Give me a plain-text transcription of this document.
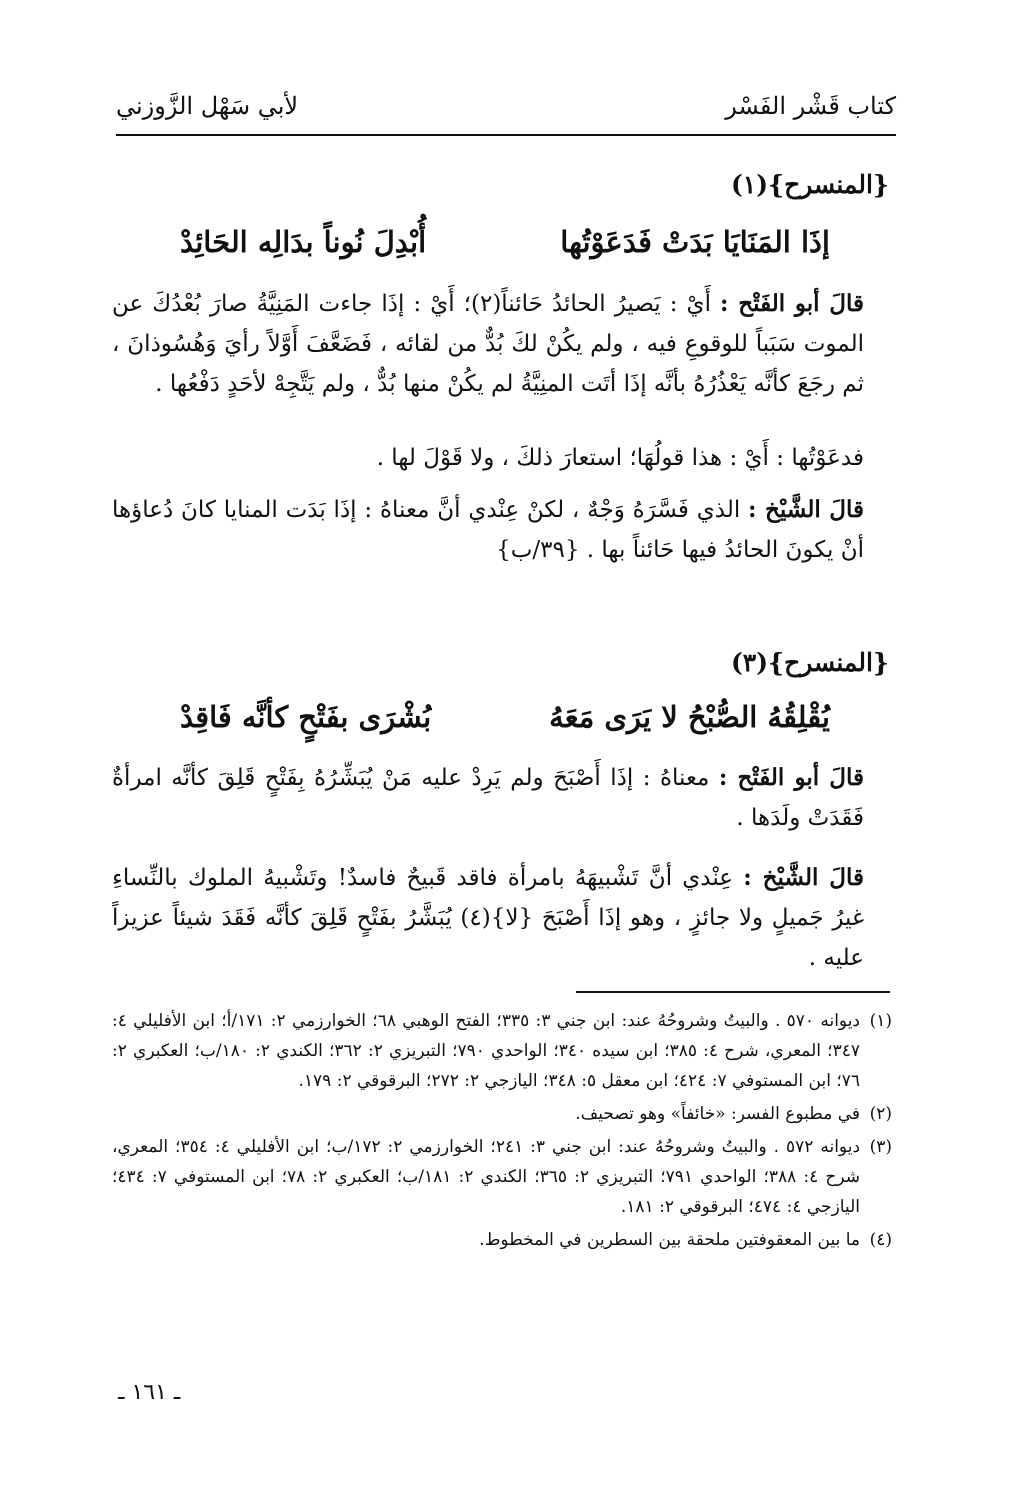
كتاب قَشْر الفَسْر
لأبي سَهْل الزَّوزني
{المنسرح}(١)
إذَا المَنَايَا بَدَتْ فَدَعَوْتُها
أُبْدِلَ نُوناً بدَالِه الحَائِدْ
قالَ أبو الفَتْح : أَيْ : يَصيرُ الحائدُ حَائناً(٢)؛ أَيْ : إذَا جاءت المَنِيَّةُ صارَ بُعْدُكَ عن الموت سَبَباً للوقوعِ فيه ، ولم يكُنْ لكَ بُدٌّ من لقائه ، فَضَعَّفَ أَوَّلاً رأيَ وَهُسُوذانَ ، ثم رجَعَ كأنَّه يَعْذُرُهُ بأنَّه إذَا أتَت المنِيَّةُ لم يكُنْ منها بُدٌّ ، ولم يَتَّجِهْ لأحَدٍ دَفْعُها .
فدعَوْتُها : أَيْ : هذا قولُهَا؛ استعارَ ذلكَ ، ولا قَوْلَ لها .
قالَ الشَّيْخ : الذي فَسَّرَهُ وَجْهٌ ، لكنْ عِنْدي أنَّ معناهُ : إذَا بَدَت المنايا كانَ دُعاؤها أنْ يكونَ الحائدُ فيها حَائناً بها . {٣٩/ب}
{المنسرح}(٣)
يُقْلِقُهُ الصُّبْحُ لا يَرَى مَعَهُ
بُشْرَى بفَتْحٍ كأنَّه فَاقِدْ
قالَ أبو الفَتْح : معناهُ : إذَا أَصْبَحَ ولم يَرِدْ عليه مَنْ يُبَشِّرُهُ بِفَتْحٍ قَلِقَ كأنَّه امرأةٌ فَقَدَتْ ولَدَها .
قالَ الشَّيْخ : عِنْدي أنَّ تَشْبيهَهُ بامرأة فاقد قَبيحٌ فاسدٌ! وتَشْبيهُ الملوك بالنِّساءِ غيرُ جَميلٍ ولا جائزٍ ، وهو إذَا أَصْبَحَ {لا}(٤) يُبَشَّرُ بفَتْحٍ قَلِقَ كأنَّه فَقَدَ شيئاً عزيزاً عليه .
(١)
ديوانه ٥٧٠ . والبيتُ وشروحُهُ عند: ابن جني ٣: ٣٣٥؛ الفتح الوهبي ٦٨؛ الخوارزمي ٢: ١٧١/أ؛ ابن الأفليلي ٤: ٣٤٧؛ المعري، شرح ٤: ٣٨٥؛ ابن سيده ٣٤٠؛ الواحدي ٧٩٠؛ التبريزي ٢: ٣٦٢؛ الكندي ٢: ١٨٠/ب؛ العكبري ٢: ٧٦؛ ابن المستوفي ٧: ٤٢٤؛ ابن معقل ٥: ٣٤٨؛ اليازجي ٢: ٢٧٢؛ البرقوقي ٢: ١٧٩.
(٢)
في مطبوع الفسر: «خائفاً» وهو تصحيف.
(٣)
ديوانه ٥٧٢ . والبيتُ وشروحُهُ عند: ابن جني ٣: ٢٤١؛ الخوارزمي ٢: ١٧٢/ب؛ ابن الأفليلي ٤: ٣٥٤؛ المعري، شرح ٤: ٣٨٨؛ الواحدي ٧٩١؛ التبريزي ٢: ٣٦٥؛ الكندي ٢: ١٨١/ب؛ العكبري ٢: ٧٨؛ ابن المستوفي ٧: ٤٣٤؛ اليازجي ٤: ٤٧٤؛ البرقوقي ٢: ١٨١.
(٤)
ما بين المعقوفتين ملحقة بين السطرين في المخطوط.
ـ ١٦١ ـ
